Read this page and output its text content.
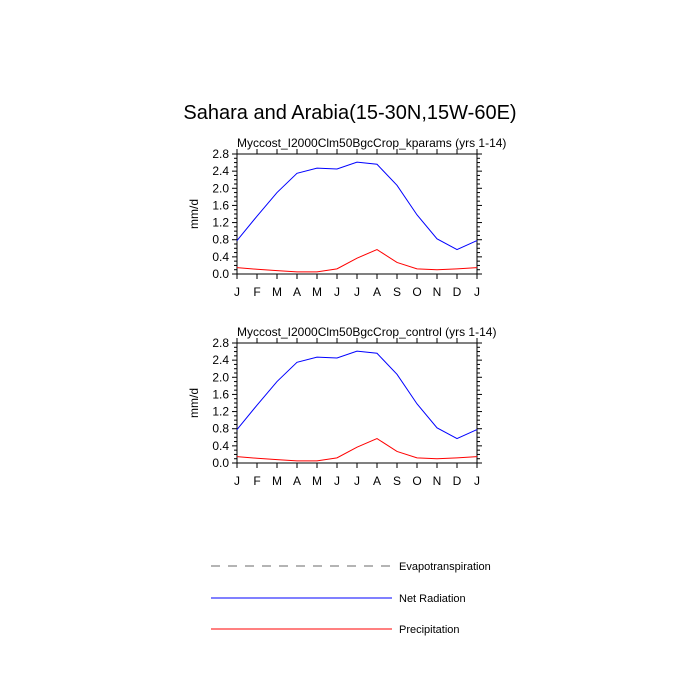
Sahara and Arabia(15-30N,15W-60E)
Myccost_I2000Clm50BgcCrop_kparams (yrs 1-14)
0.0
0.4
0.8
1.2
1.6
2.0
2.4
2.8
J F M A M J J A S O N D J
mm/d
Myccost_I2000Clm50BgcCrop_control (yrs 1-14)
0.0
0.4
0.8
1.2
1.6
2.0
2.4
2.8
J F M A M J J A S O N D J
mm/d
Evapotranspiration
Net Radiation
Precipitation
